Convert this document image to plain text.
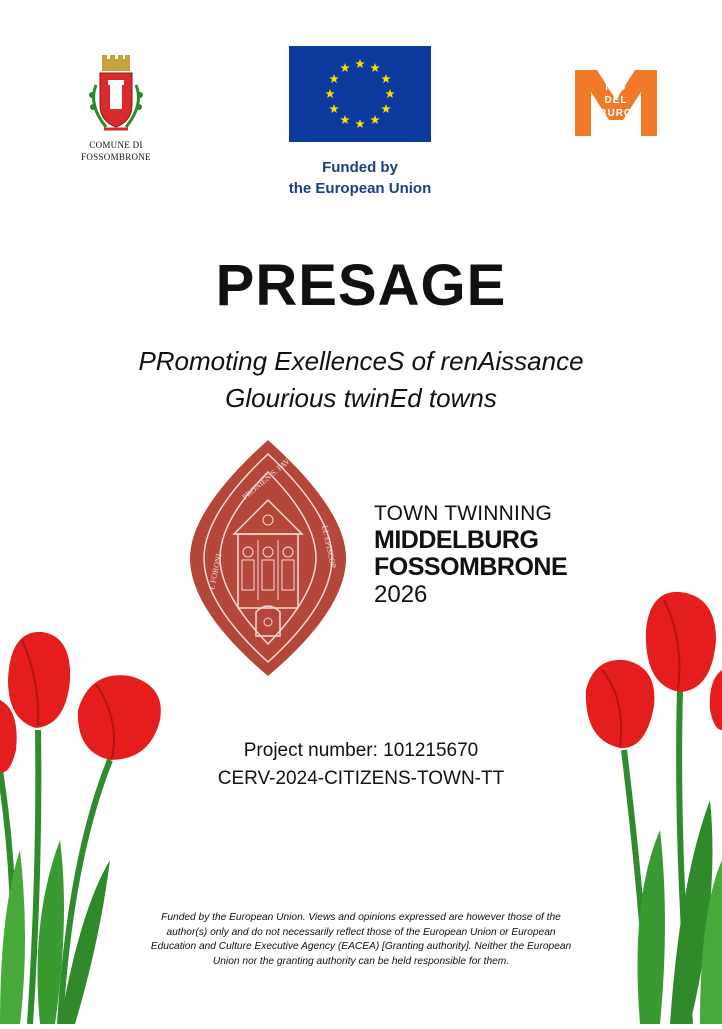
COMUNE DI
FOSSOMBRONE
Funded by
the European Union
MID
DEL
BURG
PRESAGE
PRomoting ExellenceS of renAissance
Glourious twinEd towns
I. FORONI
PRONIEN S. PAV
LI. EPISCOP
TOWN TWINNING
MIDDELBURG
FOSSOMBRONE
2026
Project number: 101215670
CERV-2024-CITIZENS-TOWN-TT
Funded by the European Union. Views and opinions expressed are however those of the author(s) only and do not necessarily reflect those of the European Union or European Education and Culture Executive Agency (EACEA) [Granting authority]. Neither the European Union nor the granting authority can be held responsible for them.
